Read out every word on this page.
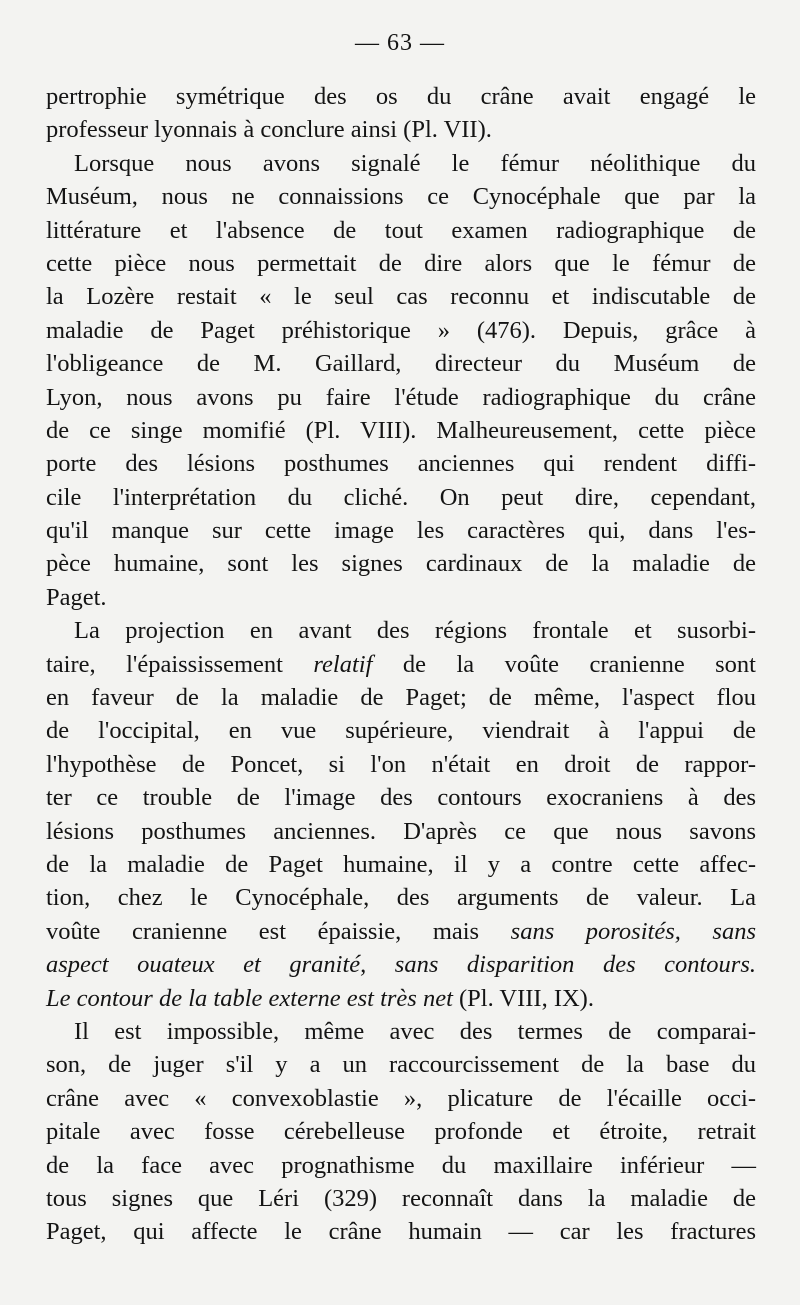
— 63 —
pertrophie symétrique des os du crâne avait engagé le
professeur lyonnais à conclure ainsi (Pl. VII).
Lorsque nous avons signalé le fémur néolithique du
Muséum, nous ne connaissions ce Cynocéphale que par la
littérature et l'absence de tout examen radiographique de
cette pièce nous permettait de dire alors que le fémur de
la Lozère restait « le seul cas reconnu et indiscutable de
maladie de Paget préhistorique » (476). Depuis, grâce à
l'obligeance de M. Gaillard, directeur du Muséum de
Lyon, nous avons pu faire l'étude radiographique du crâne
de ce singe momifié (Pl. VIII). Malheureusement, cette pièce
porte des lésions posthumes anciennes qui rendent diffi-
cile l'interprétation du cliché. On peut dire, cependant,
qu'il manque sur cette image les caractères qui, dans l'es-
pèce humaine, sont les signes cardinaux de la maladie de
Paget.
La projection en avant des régions frontale et susorbi-
taire, l'épaississement relatif de la voûte cranienne sont
en faveur de la maladie de Paget; de même, l'aspect flou
de l'occipital, en vue supérieure, viendrait à l'appui de
l'hypothèse de Poncet, si l'on n'était en droit de rappor-
ter ce trouble de l'image des contours exocraniens à des
lésions posthumes anciennes. D'après ce que nous savons
de la maladie de Paget humaine, il y a contre cette affec-
tion, chez le Cynocéphale, des arguments de valeur. La
voûte cranienne est épaissie, mais sans porosités, sans
aspect ouateux et granité, sans disparition des contours.
Le contour de la table externe est très net (Pl. VIII, IX).
Il est impossible, même avec des termes de comparai-
son, de juger s'il y a un raccourcissement de la base du
crâne avec « convexoblastie », plicature de l'écaille occi-
pitale avec fosse cérebelleuse profonde et étroite, retrait
de la face avec prognathisme du maxillaire inférieur —
tous signes que Léri (329) reconnaît dans la maladie de
Paget, qui affecte le crâne humain — car les fractures
